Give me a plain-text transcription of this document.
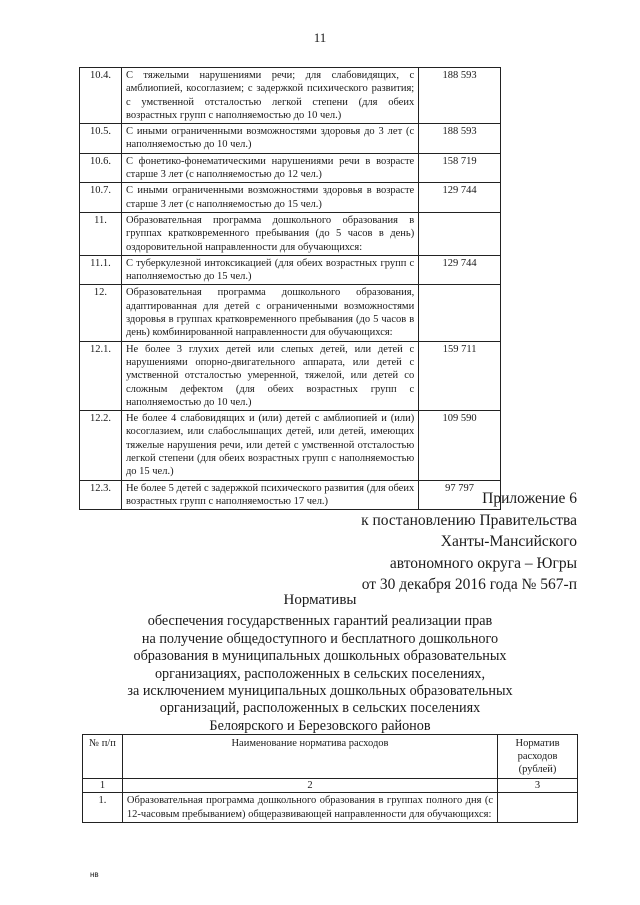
11
10.4.	С тяжелыми нарушениями речи; для слабовидящих, с амблиопией, косоглазием; с задержкой психического развития; с умственной отсталостью легкой степени (для обеих возрастных групп с наполняемостью до 10 чел.)	188 593
10.5.	С иными ограниченными возможностями здоровья до 3 лет (с наполняемостью до 10 чел.)	188 593
10.6.	С фонетико-фонематическими нарушениями речи в возрасте старше 3 лет (с наполняемостью до 12 чел.)	158 719
10.7.	С иными ограниченными возможностями здоровья в возрасте старше 3 лет (с наполняемостью до 15 чел.)	129 744
11.	Образовательная программа дошкольного образования в группах кратковременного пребывания (до 5 часов в день) оздоровительной направленности для обучающихся:	
11.1.	С туберкулезной интоксикацией (для обеих возрастных групп с наполняемостью до 15 чел.)	129 744
12.	Образовательная программа дошкольного образования, адаптированная для детей с ограниченными возможностями здоровья в группах кратковременного пребывания (до 5 часов в день) комбинированной направленности для обучающихся:	
12.1.	Не более 3 глухих детей или слепых детей, или детей с нарушениями опорно-двигательного аппарата, или детей с умственной отсталостью умеренной, тяжелой, или детей со сложным дефектом (для обеих возрастных групп с наполняемостью до 10 чел.)	159 711
12.2.	Не более 4 слабовидящих и (или) детей с амблиопией и (или) косоглазием, или слабослышащих детей, или детей, имеющих тяжелые нарушения речи, или детей с умственной отсталостью легкой степени (для обеих возрастных групп с наполняемостью до 15 чел.)	109 590
12.3.	Не более 5 детей с задержкой психического развития (для обеих возрастных групп с наполняемостью 17 чел.)	97 797
Приложение 6
к постановлению Правительства
Ханты-Мансийского
автономного округа – Югры
от 30 декабря 2016 года № 567-п
Нормативы
обеспечения государственных гарантий реализации прав
на получение общедоступного и бесплатного дошкольного
образования в муниципальных дошкольных образовательных
организациях, расположенных в сельских поселениях,
за исключением муниципальных дошкольных образовательных
организаций, расположенных в сельских поселениях
Белоярского и Березовского районов
№ п/п	Наименование норматива расходов	Норматив расходов (рублей)
1	2	3
1.	Образовательная программа дошкольного образования в группах полного дня (с 12-часовым пребыванием) общеразвивающей направленности для обучающихся:	
нв
